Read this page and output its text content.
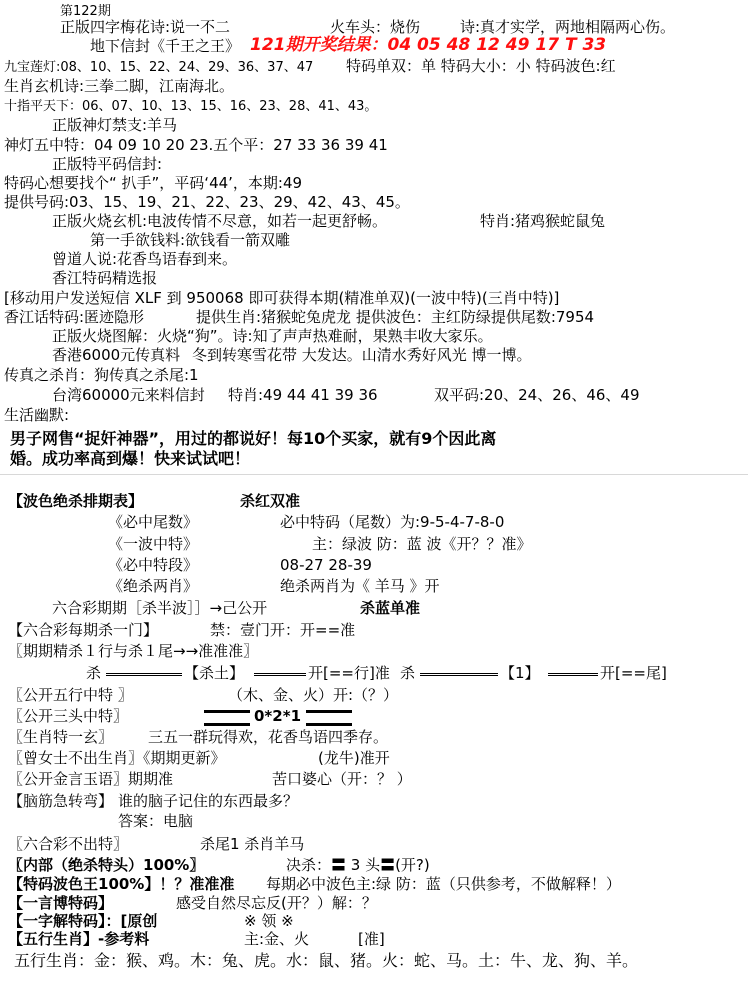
第122期
正版四字梅花诗:说一不二	火车头：烧伤	诗:真才实学，两地相隔两心伤。
地下信封《千王之王》 121期开奖结果：04 05 48 12 49 17 T 33
九宝莲灯:08、10、15、22、24、29、36、37、47 特码单双：单 特码大小：小 特码波色:红
生肖玄机诗:三拳二脚，江南海北。
十指平天下：06、07、10、13、15、16、23、28、41、43。
正版神灯禁支:羊马
神灯五中特：04 09 10 20 23.五个平：27 33 36 39 41
正版特平码信封:
特码心想要找个“ 扒手”，平码‘44’，本期:49
提供号码:03、15、19、21、22、23、29、42、43、45。
正版火烧玄机:电波传情不尽意，如若一起更舒畅。	特肖:猪鸡猴蛇鼠兔
第一手欲钱料:欲钱看一箭双雕
曾道人说:花香鸟语春到来。
香江特码精选报
[移动用户发送短信 XLF 到 950068 即可获得本期(精准单双)(一波中特)(三肖中特)]
香江话特码:匿迹隐形	提供生肖:猪猴蛇兔虎龙 提供波色：主红防绿提供尾数:7954
正版火烧图解：火烧“狗”。诗:知了声声热难耐，果熟丰收大家乐。
香港6000元传真料 冬到转寒雪花带 大发达。山清水秀好风光 博一博。
传真之杀肖：狗传真之杀尾:1
台湾60000元来料信封 特肖:49 44 41 39 36	双平码:20、24、26、46、49
生活幽默:
男子网售“捉奸神器”，用过的都说好！每10个买家，就有9个因此离
婚。成功率高到爆！快来试试吧！
【波色绝杀排期表】	杀红双准
《必中尾数》	必中特码（尾数）为:9-5-4-7-8-0
《一波中特》	主：绿波 防：蓝 波《开？？准》
《必中特段》	08-27 28-39
《绝杀两肖》	绝杀两肖为《 羊马 》开
六合彩期期［杀半波］］→己公开	杀蓝单准
【六合彩每期杀一门】	禁：壹门开：开==准
〖期期精杀１行与杀１尾→→准准准〗
杀	【杀土】	开[==行]准 杀	【1】	开[==尾]
〖公开五行中特 〗	（木、金、火）开:（？）
〖公开三头中特〗	0*2*1
〖生肖特一玄〗 三五一群玩得欢，花香鸟语四季存。
〖曾女士不出生肖〗《期期更新》	(龙牛)准开
〖公开金言玉语〗期期准	苦口婆心（开：？ ）
【脑筋急转弯】 谁的脑子记住的东西最多？
答案：电脑
〖六合彩不出特〗	杀尾1 杀肖羊马
〖内部（绝杀特头）100%〗	决杀：〓 3 头〓(开?)
【特码波色王100%】！？准准准 每期必中波色主:绿 防：蓝（只供参考，不做解释！）
【一言博特码】	感受自然尽忘反(开？）解：？
【一字解特码】：[原创	※ 领 ※
【五行生肖】-参考料	主:金、火	[准]
五行生肖：金：猴、鸡。木：兔、虎。水：鼠、猪。火：蛇、马。土：牛、龙、狗、羊。
